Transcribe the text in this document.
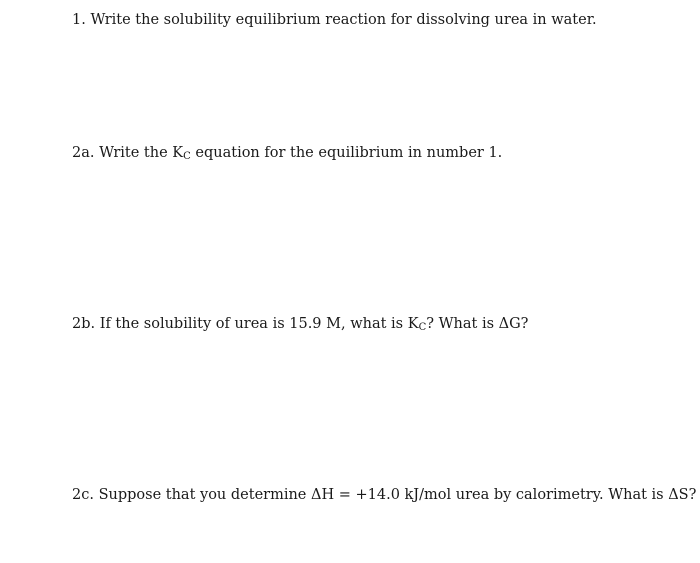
1. Write the solubility equilibrium reaction for dissolving urea in water.

2a. Write the $K_C$ equation for the equilibrium in number 1.

2b. If the solubility of urea is 15.9 M, what is $K_C$? What is ΔG?

2c. Suppose that you determine ΔH = +14.0 kJ/mol urea by calorimetry. What is ΔS?
